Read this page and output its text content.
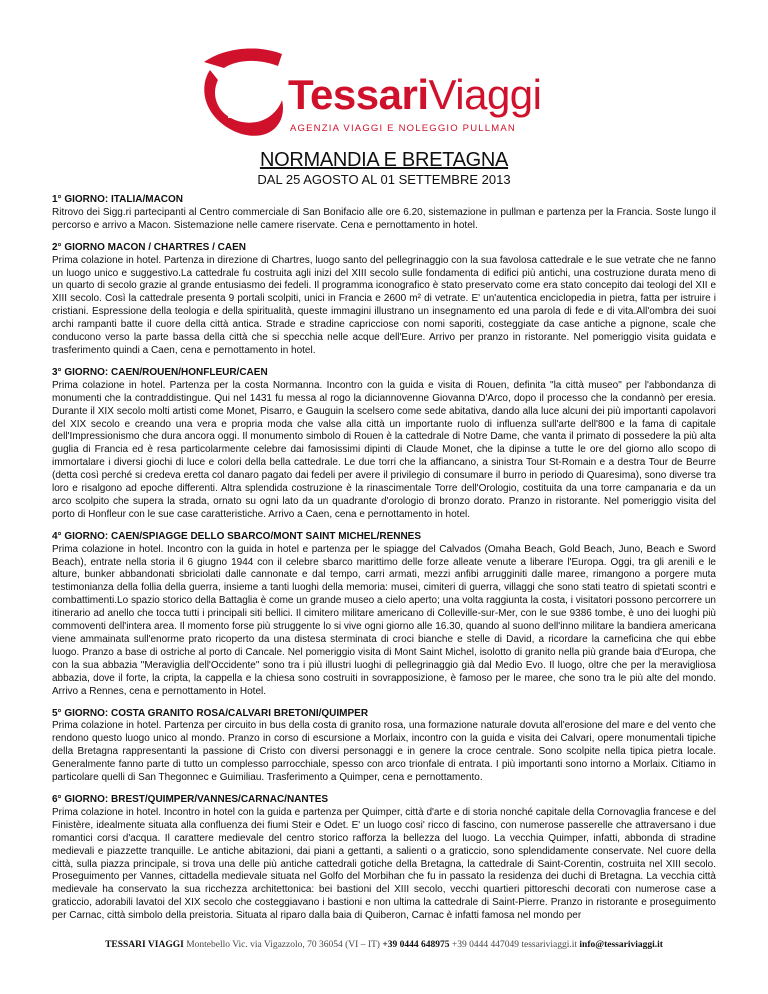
TessariViaggi
AGENZIA VIAGGI E NOLEGGIO PULLMAN
NORMANDIA E BRETAGNA
DAL 25 AGOSTO AL 01 SETTEMBRE 2013
1° GIORNO: ITALIA/MACON
Ritrovo dei Sigg.ri partecipanti al Centro commerciale di San Bonifacio alle ore 6.20, sistemazione in pullman e partenza per la Francia. Soste lungo il percorso e arrivo a Macon. Sistemazione nelle camere riservate. Cena e pernottamento in hotel.
2° GIORNO MACON / CHARTRES / CAEN
Prima colazione in hotel. Partenza in direzione di Chartres, luogo santo del pellegrinaggio con la sua favolosa cattedrale e le sue vetrate che ne fanno un luogo unico e suggestivo.La cattedrale fu costruita agli inizi del XIII secolo sulle fondamenta di edifici più antichi, una costruzione durata meno di un quarto di secolo grazie al grande entusiasmo dei fedeli. Il programma iconografico è stato preservato come era stato concepito dai teologi del XII e XIII secolo. Così la cattedrale presenta 9 portali scolpiti, unici in Francia e 2600 m² di vetrate. E' un'autentica enciclopedia in pietra, fatta per istruire i cristiani. Espressione della teologia e della spiritualità, queste immagini illustrano un insegnamento ed una parola di fede e di vita.All'ombra dei suoi archi rampanti batte il cuore della città antica. Strade e stradine capricciose con nomi saporiti, costeggiate da case antiche a pignone, scale che conducono verso la parte bassa della città che si specchia nelle acque dell'Eure. Arrivo per pranzo in ristorante. Nel pomeriggio visita guidata e trasferimento quindi a Caen, cena e pernottamento in hotel.
3° GIORNO: CAEN/ROUEN/HONFLEUR/CAEN
Prima colazione in hotel. Partenza per la costa Normanna. Incontro con la guida e visita di Rouen, definita "la città museo" per l'abbondanza di monumenti che la contraddistingue. Qui nel 1431 fu messa al rogo la diciannovenne Giovanna D'Arco, dopo il processo che la condannò per eresia. Durante il XIX secolo molti artisti come Monet, Pisarro, e Gauguin la scelsero come sede abitativa, dando alla luce alcuni dei più importanti capolavori del XIX secolo e creando una vera e propria moda che valse alla città un importante ruolo di influenza sull'arte dell'800 e la fama di capitale dell'Impressionismo che dura ancora oggi. Il monumento simbolo di Rouen è la cattedrale di Notre Dame, che vanta il primato di possedere la più alta guglia di Francia ed è resa particolarmente celebre dai famosissimi dipinti di Claude Monet, che la dipinse a tutte le ore del giorno allo scopo di immortalare i diversi giochi di luce e colori della bella cattedrale. Le due torri che la affiancano, a sinistra Tour St-Romain e a destra Tour de Beurre (detta così perché si credeva eretta col danaro pagato dai fedeli per avere il privilegio di consumare il burro in periodo di Quaresima), sono diverse tra loro e risalgono ad epoche differenti. Altra splendida costruzione è la rinascimentale Torre dell'Orologio, costituita da una torre campanaria e da un arco scolpito che supera la strada, ornato su ogni lato da un quadrante d'orologio di bronzo dorato. Pranzo in ristorante. Nel pomeriggio visita del porto di Honfleur con le sue case caratteristiche. Arrivo a Caen, cena e pernottamento in hotel.
4° GIORNO: CAEN/SPIAGGE DELLO SBARCO/MONT SAINT MICHEL/RENNES
Prima colazione in hotel. Incontro con la guida in hotel e partenza per le spiagge del Calvados (Omaha Beach, Gold Beach, Juno, Beach e Sword Beach), entrate nella storia il 6 giugno 1944 con il celebre sbarco marittimo delle forze alleate venute a liberare l'Europa. Oggi, tra gli arenili e le alture, bunker abbandonati sbriciolati dalle cannonate e dal tempo, carri armati, mezzi anfibi arrugginiti dalle maree, rimangono a porgere muta testimonianza della follia della guerra, insieme a tanti luoghi della memoria: musei, cimiteri di guerra, villaggi che sono stati teatro di spietati scontri e combattimenti.Lo spazio storico della Battaglia è come un grande museo a cielo aperto; una volta raggiunta la costa, i visitatori possono percorrere un itinerario ad anello che tocca tutti i principali siti bellici. Il cimitero militare americano di Colleville-sur-Mer, con le sue 9386 tombe, è uno dei luoghi più commoventi dell'intera area. Il momento forse più struggente lo si vive ogni giorno alle 16.30, quando al suono dell'inno militare la bandiera americana viene ammainata sull'enorme prato ricoperto da una distesa sterminata di croci bianche e stelle di David, a ricordare la carneficina che qui ebbe luogo. Pranzo a base di ostriche al porto di Cancale. Nel pomeriggio visita di Mont Saint Michel, isolotto di granito nella più grande baia d'Europa, che con la sua abbazia "Meraviglia dell'Occidente" sono tra i più illustri luoghi di pellegrinaggio già dal Medio Evo. Il luogo, oltre che per la meravigliosa abbazia, dove il forte, la cripta, la cappella e la chiesa sono costruiti in sovrapposizione, è famoso per le maree, che sono tra le più alte del mondo. Arrivo a Rennes, cena e pernottamento in Hotel.
5° GIORNO: COSTA GRANITO ROSA/CALVARI BRETONI/QUIMPER
Prima colazione in hotel. Partenza per circuito in bus della costa di granito rosa, una formazione naturale dovuta all'erosione del mare e del vento che rendono questo luogo unico al mondo. Pranzo in corso di escursione a Morlaix, incontro con la guida e visita dei Calvari, opere monumentali tipiche della Bretagna rappresentanti la passione di Cristo con diversi personaggi e in genere la croce centrale. Sono scolpite nella tipica pietra locale. Generalmente fanno parte di tutto un complesso parrocchiale, spesso con arco trionfale di entrata. I più importanti sono intorno a Morlaix. Citiamo in particolare quelli di San Thegonnec e Guimiliau. Trasferimento a Quimper, cena e pernottamento.
6° GIORNO: BREST/QUIMPER/VANNES/CARNAC/NANTES
Prima colazione in hotel. Incontro in hotel con la guida e partenza per Quimper, città d'arte e di storia nonché capitale della Cornovaglia francese e del Finistère, idealmente situata alla confluenza dei fiumi Steir e Odet. E' un luogo cosi' ricco di fascino, con numerose passerelle che attraversano i due romantici corsi d'acqua. Il carattere medievale del centro storico rafforza la bellezza del luogo. La vecchia Quimper, infatti, abbonda di stradine medievali e piazzette tranquille. Le antiche abitazioni, dai piani a gettanti, a salienti o a graticcio, sono splendidamente conservate. Nel cuore della città, sulla piazza principale, si trova una delle più antiche cattedrali gotiche della Bretagna, la cattedrale di Saint-Corentin, costruita nel XIII secolo. Proseguimento per Vannes, cittadella medievale situata nel Golfo del Morbihan che fu in passato la residenza dei duchi di Bretagna. La vecchia città medievale ha conservato la sua ricchezza architettonica: bei bastioni del XIII secolo, vecchi quartieri pittoreschi decorati con numerose case a graticcio, adorabili lavatoi del XIX secolo che costeggiavano i bastioni e non ultima la cattedrale di Saint-Pierre. Pranzo in ristorante e proseguimento per Carnac, città simbolo della preistoria. Situata al riparo dalla baia di Quiberon, Carnac è infatti famosa nel mondo per
TESSARI VIAGGI Montebello Vic. via Vigazzolo, 70 36054 (VI – IT) +39 0444 648975 +39 0444 447049 tessariviaggi.it info@tessariviaggi.it
